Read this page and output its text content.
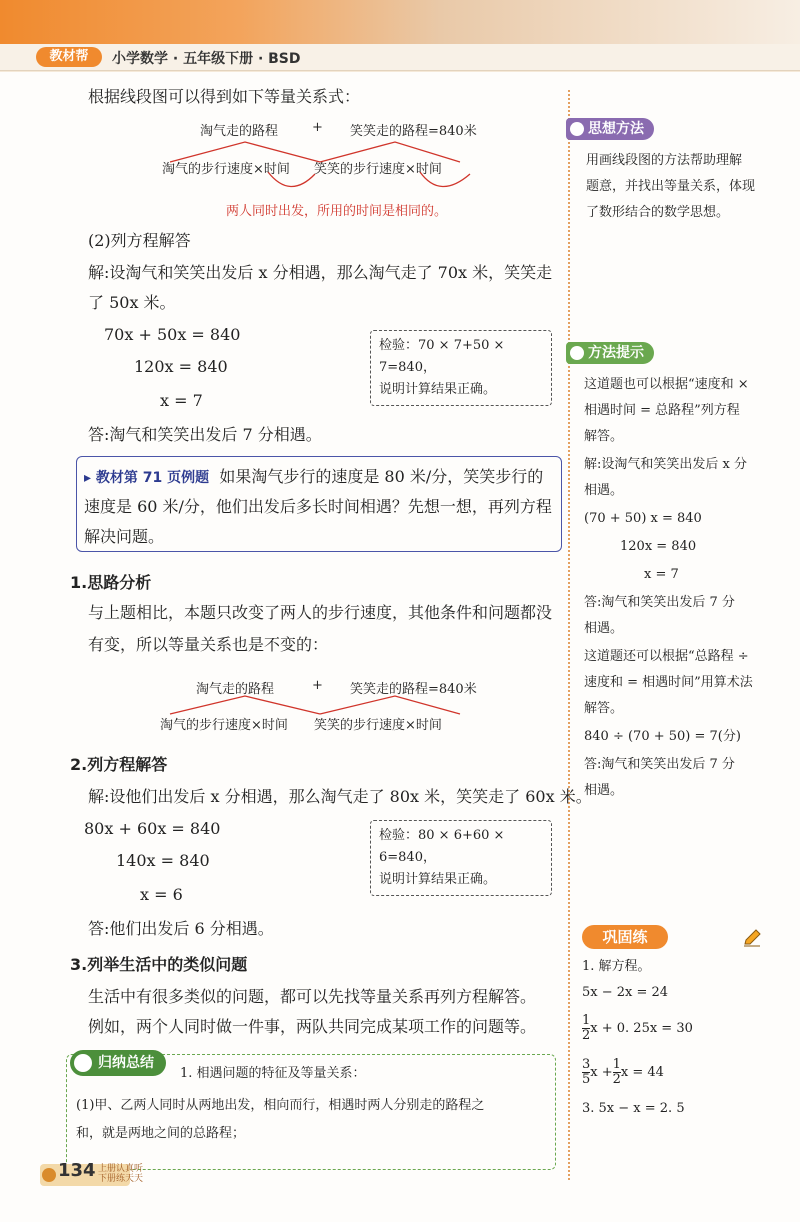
教材帮	小学数学 · 五年级下册 · BSD
根据线段图可以得到如下等量关系式：
淘气走的路程	+ 笑笑走的路程=840米
淘气的步行速度×时间 笑笑的步行速度×时间
两人同时出发，所用的时间是相同的。
(2)列方程解答
解:设淘气和笑笑出发后 x 分相遇，那么淘气走了 70x 米，笑笑走
了 50x 米。
70x + 50x = 840
120x = 840
x = 7
检验：70 × 7+50 × 7=840，
说明计算结果正确。
答:淘气和笑笑出发后 7 分相遇。
▸ 教材第 71 页例题 如果淘气步行的速度是 80 米/分，笑笑步行的
速度是 60 米/分，他们出发后多长时间相遇？先想一想，再列方程
解决问题。
1.思路分析
与上题相比，本题只改变了两人的步行速度，其他条件和问题都没
有变，所以等量关系也是不变的：
淘气走的路程	+ 笑笑走的路程=840米
淘气的步行速度×时间 笑笑的步行速度×时间
2.列方程解答
解:设他们出发后 x 分相遇，那么淘气走了 80x 米，笑笑走了 60x 米。
80x + 60x = 840
140x = 840
x = 6
检验：80 × 6+60 × 6=840，
说明计算结果正确。
答:他们出发后 6 分相遇。
3.列举生活中的类似问题
生活中有很多类似的问题，都可以先找等量关系再列方程解答。
例如，两个人同时做一件事，两队共同完成某项工作的问题等。
归纳总结
1. 相遇问题的特征及等量关系：
(1)甲、乙两人同时从两地出发，相向而行，相遇时两人分别走的路程之
和，就是两地之间的总路程；
思想方法
用画线段图的方法帮助理解
题意，并找出等量关系，体现
了数形结合的数学思想。
方法提示
这道题也可以根据“速度和 ×
相遇时间 = 总路程”列方程
解答。
解:设淘气和笑笑出发后 x 分
相遇。
(70 + 50) x = 840
120x = 840
x = 7
答:淘气和笑笑出发后 7 分
相遇。
这道题还可以根据“总路程 ÷
速度和 = 相遇时间”用算术法
解答。
840 ÷ (70 + 50) = 7(分)
答:淘气和笑笑出发后 7 分
相遇。
巩固练
1. 解方程。
5x − 2x = 24
$\frac{1}{2}$ x + 0. 25x = 30
$\frac{3}{5}$ $x + \frac{1}{2}$ x = 44
3. 5x − x = 2. 5
134 上册认真听
下册练天天
